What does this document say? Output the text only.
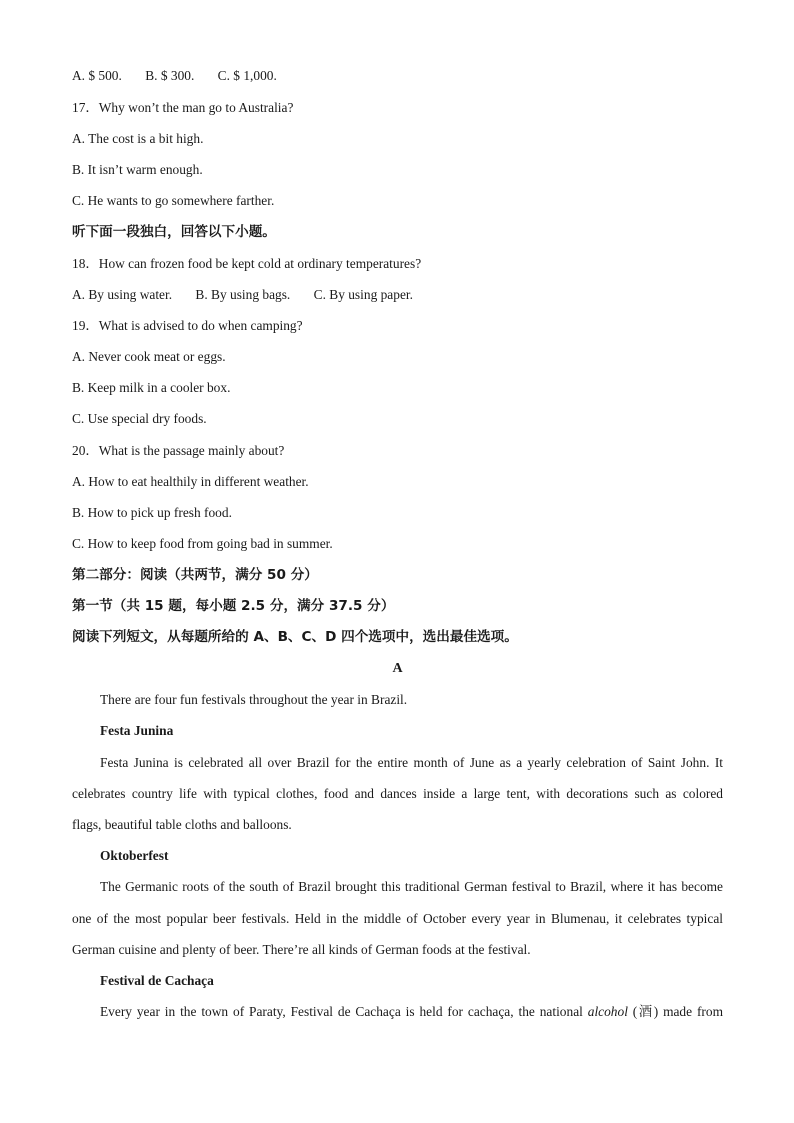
A. $ 500. B. $ 300. C. $ 1,000.
17．Why won’t the man go to Australia?
A. The cost is a bit high.
B. It isn’t warm enough.
C. He wants to go somewhere farther.
听下面一段独白，回答以下小题。
18．How can frozen food be kept cold at ordinary temperatures?
A. By using water. B. By using bags. C. By using paper.
19．What is advised to do when camping?
A. Never cook meat or eggs.
B. Keep milk in a cooler box.
C. Use special dry foods.
20．What is the passage mainly about?
A. How to eat healthily in different weather.
B. How to pick up fresh food.
C. How to keep food from going bad in summer.
第二部分：阅读（共两节，满分 50 分）
第一节（共 15 题，每小题 2.5 分，满分 37.5 分）
阅读下列短文，从每题所给的 A、B、C、D 四个选项中，选出最佳选项。
A
There are four fun festivals throughout the year in Brazil.
Festa Junina
Festa Junina is celebrated all over Brazil for the entire month of June as a yearly celebration of Saint John. It
celebrates country life with typical clothes, food and dances inside a large tent, with decorations such as colored
flags, beautiful table cloths and balloons.
Oktoberfest
The Germanic roots of the south of Brazil brought this traditional German festival to Brazil, where it has become
one of the most popular beer festivals. Held in the middle of October every year in Blumenau, it celebrates typical
German cuisine and plenty of beer. There’re all kinds of German foods at the festival.
Festival de Cachaça
Every year in the town of Paraty, Festival de Cachaça is held for cachaça, the national alcohol (酒) made from
